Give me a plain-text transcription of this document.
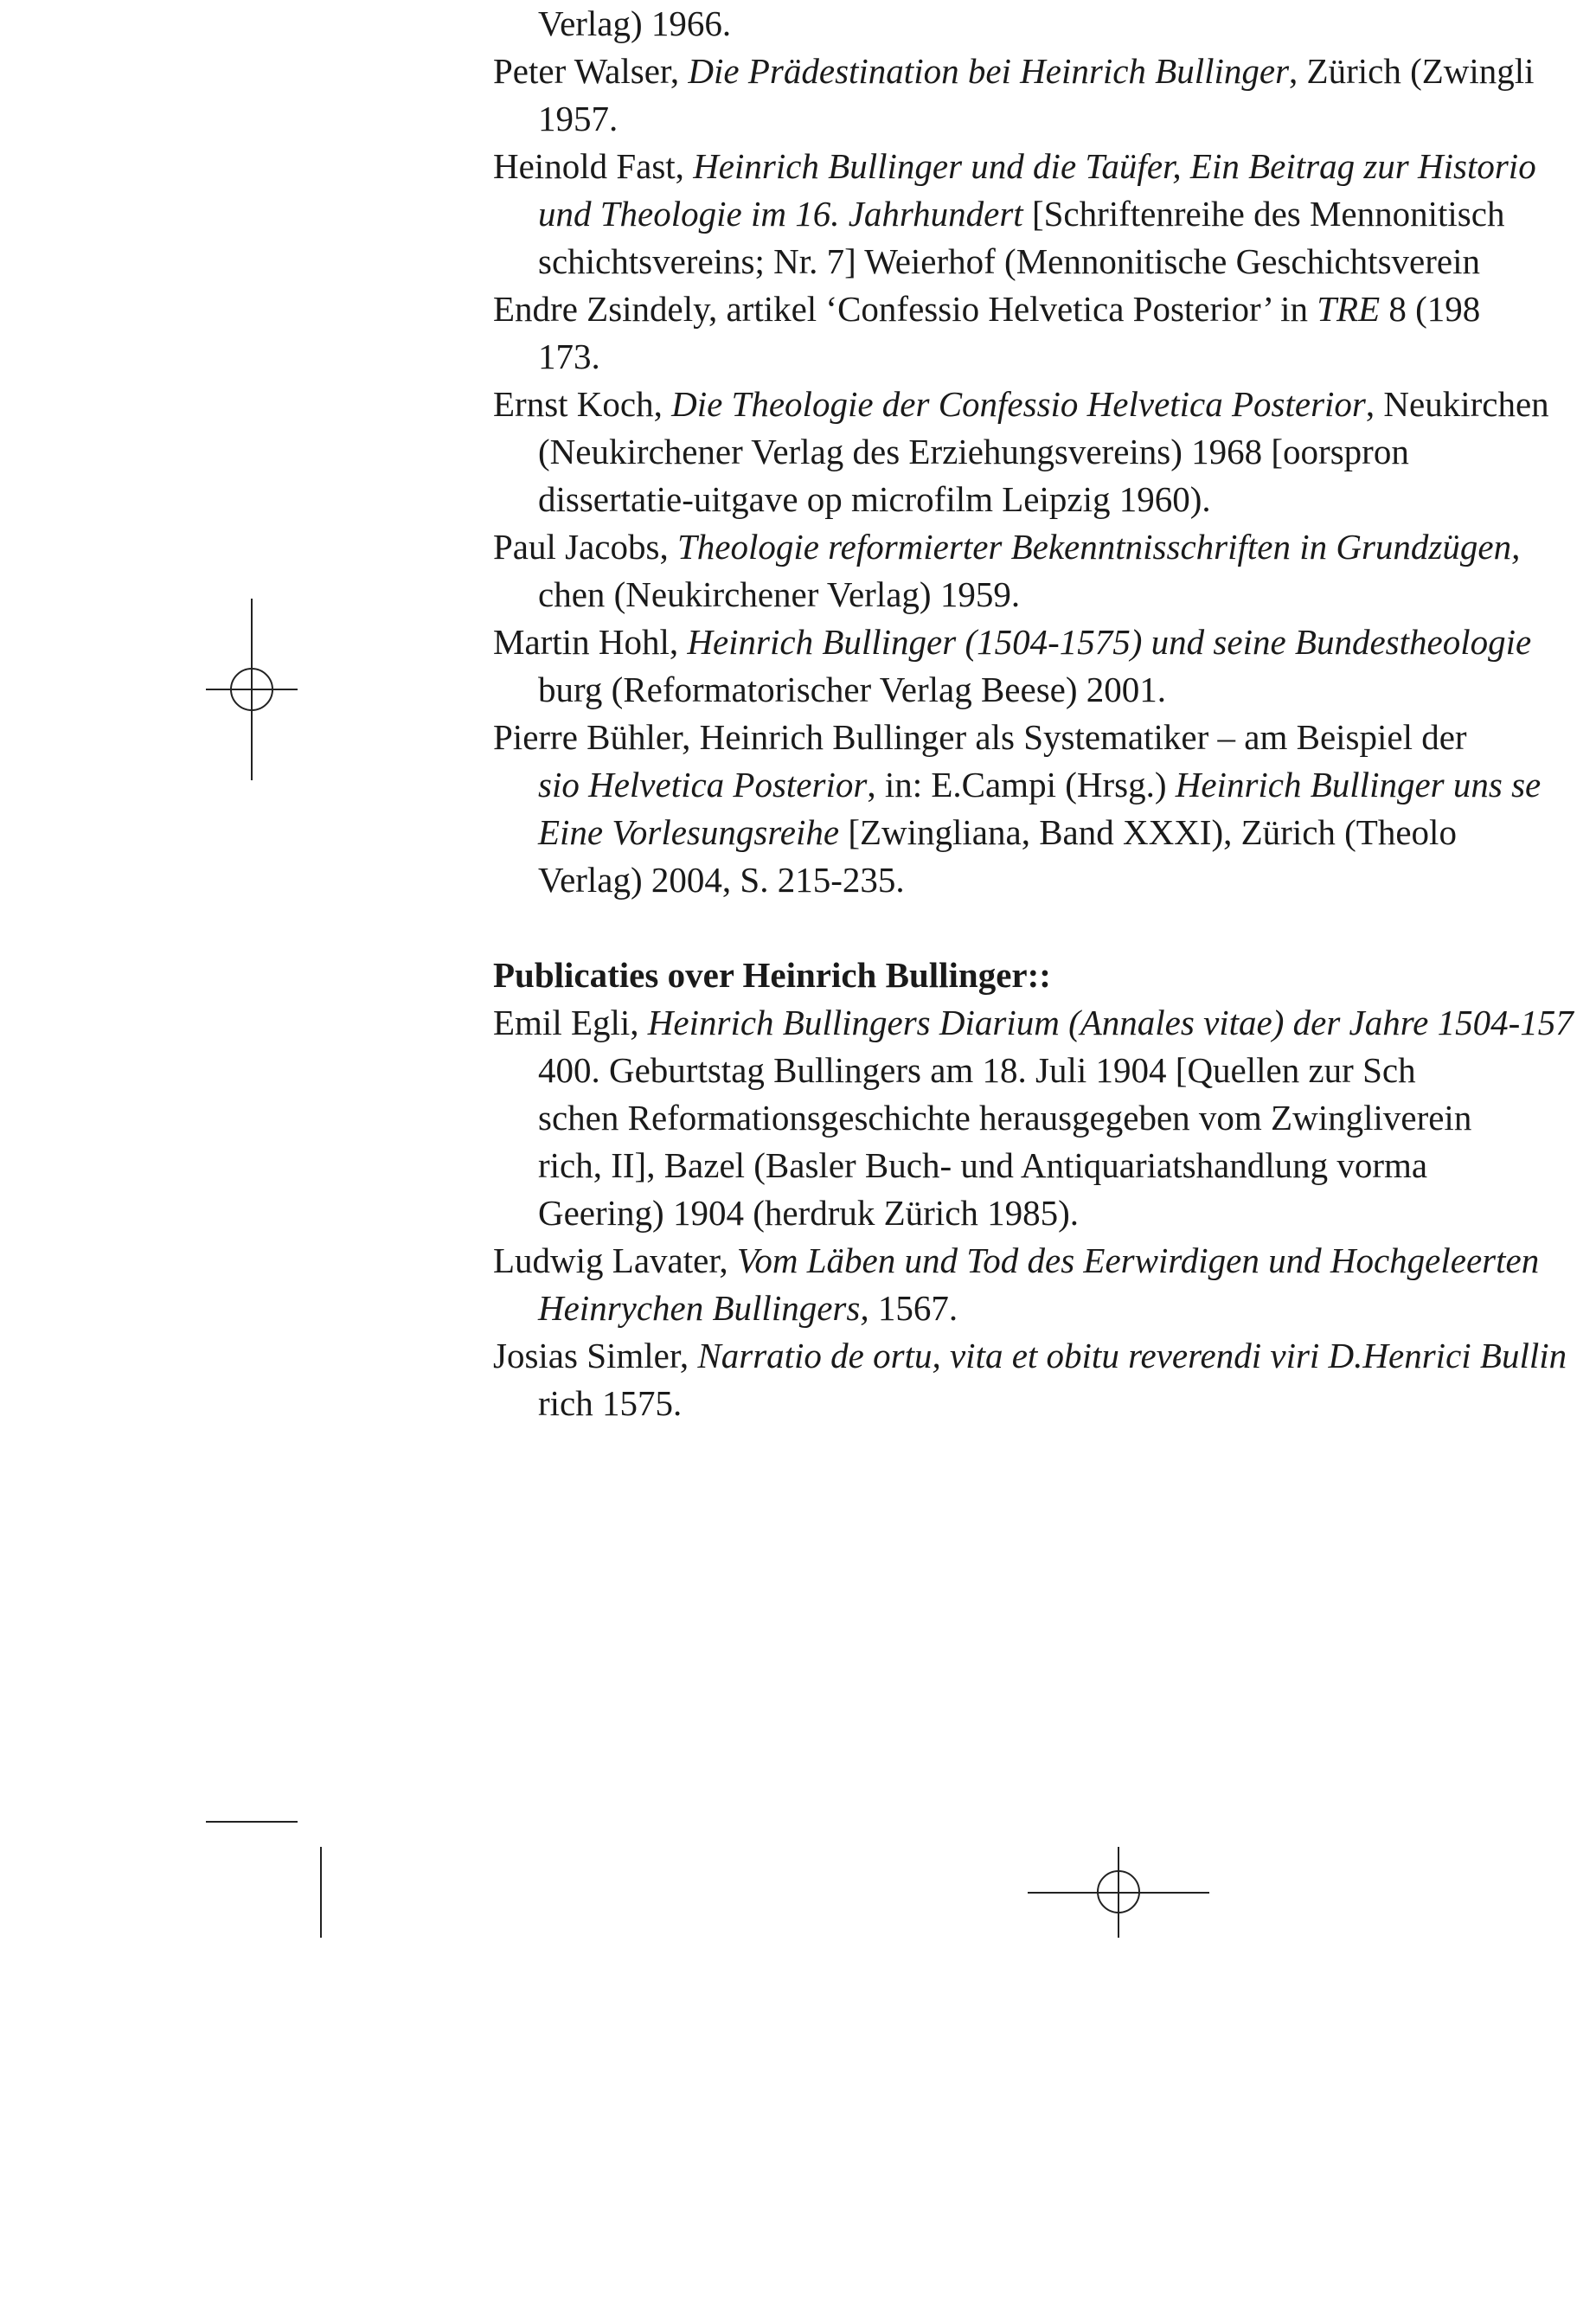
Verlag) 1966.
Peter Walser, Die Prädestination bei Heinrich Bullinger, Zürich (Zwingli
1957.
Heinold Fast, Heinrich Bullinger und die Taüfer, Ein Beitrag zur Historio
und Theologie im 16. Jahrhundert [Schriftenreihe des Mennonitisch
schichtsvereins; Nr. 7] Weierhof (Mennonitische Geschichtsverein
Endre Zsindely, artikel ‘Confessio Helvetica Posterior’ in TRE 8 (198
173.
Ernst Koch, Die Theologie der Confessio Helvetica Posterior, Neukirchen
(Neukirchener Verlag des Erziehungsvereins) 1968 [oorspron
dissertatie-uitgave op microfilm Leipzig 1960).
Paul Jacobs, Theologie reformierter Bekenntnisschriften in Grundzügen,
chen (Neukirchener Verlag) 1959.
Martin Hohl, Heinrich Bullinger (1504-1575) und seine Bundestheologie
burg (Reformatorischer Verlag Beese) 2001.
Pierre Bühler, Heinrich Bullinger als Systematiker – am Beispiel der
sio Helvetica Posterior, in: E.Campi (Hrsg.) Heinrich Bullinger uns se
Eine Vorlesungsreihe [Zwingliana, Band XXXI), Zürich (Theolo
Verlag) 2004, S. 215-235.
Publicaties over Heinrich Bullinger::
Emil Egli, Heinrich Bullingers Diarium (Annales vitae) der Jahre 1504-157
400. Geburtstag Bullingers am 18. Juli 1904 [Quellen zur Sch
schen Reformationsgeschichte herausgegeben vom Zwingliverein
rich, II], Bazel (Basler Buch- und Antiquariatshandlung vorma
Geering) 1904 (herdruk Zürich 1985).
Ludwig Lavater, Vom Läben und Tod des Eerwirdigen und Hochgeleerten
Heinrychen Bullingers, 1567.
Josias Simler, Narratio de ortu, vita et obitu reverendi viri D.Henrici Bullin
rich 1575.
